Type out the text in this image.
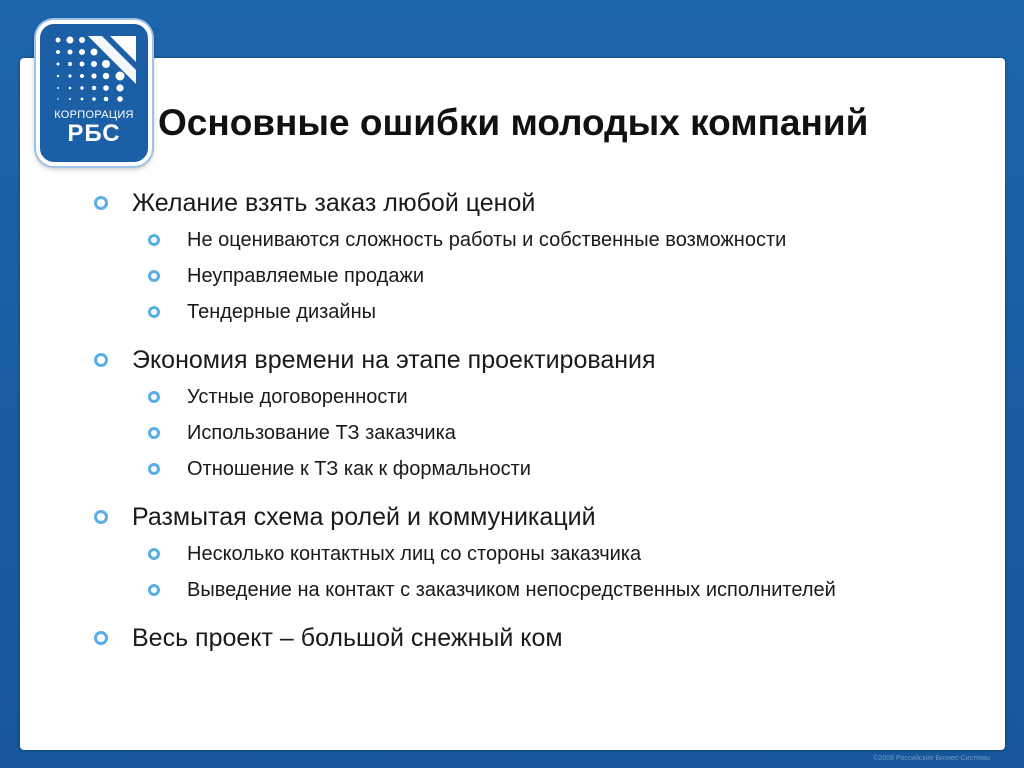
КОРПОРАЦИЯ
РБС	Основные ошибки молодых компаний
Желание взять заказ любой ценой
Не оцениваются сложность работы и собственные возможности
Неуправляемые продажи
Тендерные дизайны
Экономия времени на этапе проектирования
Устные договоренности
Использование ТЗ заказчика
Отношение к ТЗ как к формальности
Размытая схема ролей и коммуникаций
Несколько контактных лиц со стороны заказчика
Выведение на контакт с заказчиком непосредственных исполнителей
Весь проект – большой снежный ком
©2008 Российские Бизнес-Системы
